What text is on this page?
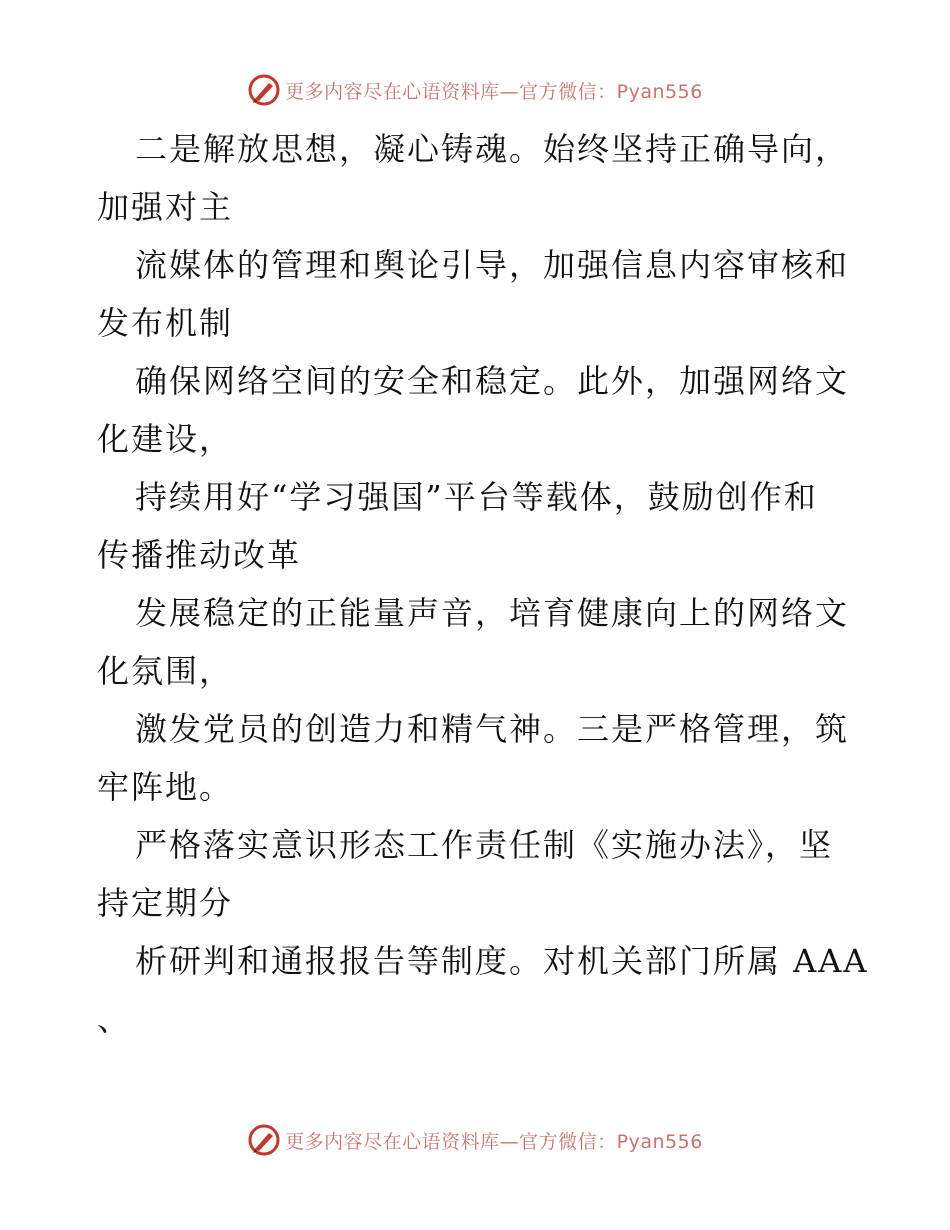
更多内容尽在心语资料库—官方微信：Pyan556
二是解放思想，凝心铸魂。始终坚持正确导向，
加强对主
流媒体的管理和舆论引导，加强信息内容审核和
发布机制
确保网络空间的安全和稳定。此外，加强网络文
化建设，
持续用好“学习强国”平台等载体，鼓励创作和
传播推动改革
发展稳定的正能量声音，培育健康向上的网络文
化氛围，
激发党员的创造力和精气神。三是严格管理，筑
牢阵地。
严格落实意识形态工作责任制《实施办法》，坚
持定期分
析研判和通报报告等制度。对机关部门所属 AAA
、
更多内容尽在心语资料库—官方微信：Pyan556
